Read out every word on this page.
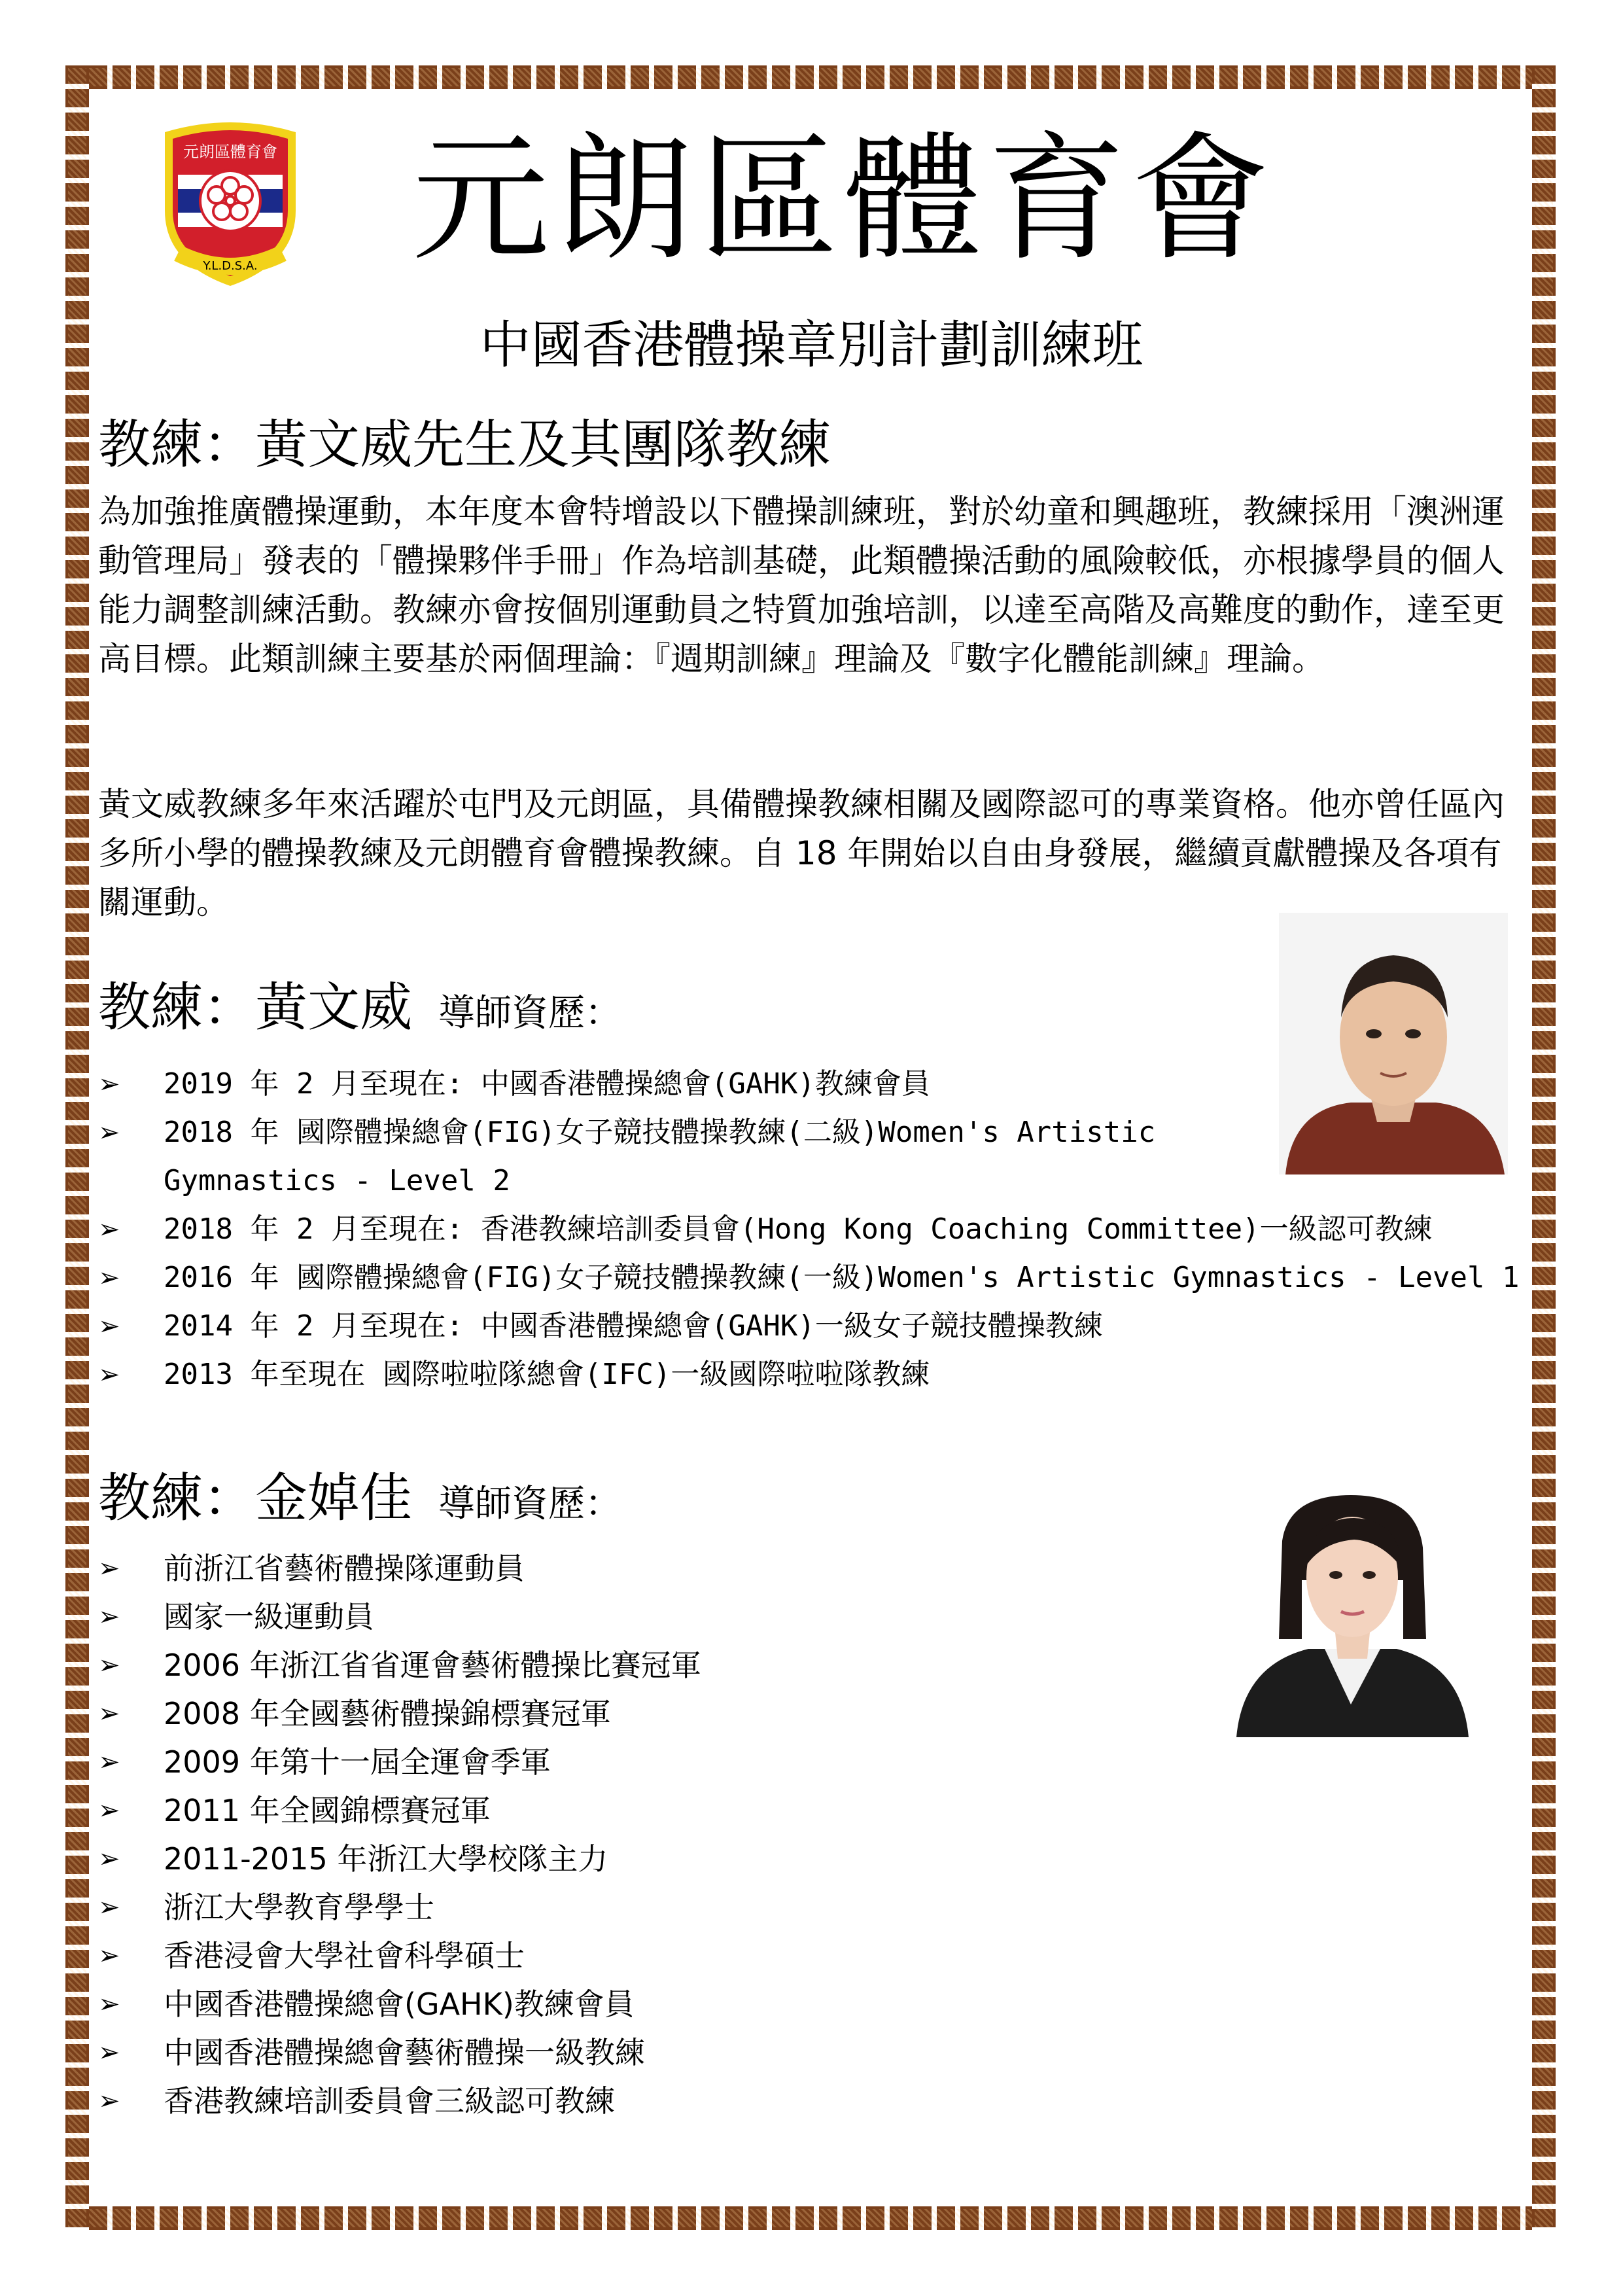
元朗區體育會
Y.L.D.S.A. 元朗區體育會
中國香港體操章別計劃訓練班
教練：黃文威先生及其團隊教練

為加強推廣體操運動，本年度本會特增設以下體操訓練班，對於幼童和興趣班，教練採用「澳洲運動管理局」發表的「體操夥伴手冊」作為培訓基礎，此類體操活動的風險較低，亦根據學員的個人能力調整訓練活動。教練亦會按個別運動員之特質加強培訓，以達至高階及高難度的動作，達至更高目標。此類訓練主要基於兩個理論：『週期訓練』理論及『數字化體能訓練』理論。

黃文威教練多年來活躍於屯門及元朗區，具備體操教練相關及國際認可的專業資格。他亦曾任區內多所小學的體操教練及元朗體育會體操教練。自 18 年開始以自由身發展，繼續貢獻體操及各項有關運動。

教練：黃文威 導師資歷：
➢ 2019 年 2 月至現在: 中國香港體操總會(GAHK)教練會員
➢ 2018 年 國際體操總會(FIG)女子競技體操教練(二級)Women's Artistic Gymnastics - Level 2
➢ 2018 年 2 月至現在: 香港教練培訓委員會(Hong Kong Coaching Committee)一級認可教練
➢ 2016 年 國際體操總會(FIG)女子競技體操教練(一級)Women's Artistic Gymnastics - Level 1
➢ 2014 年 2 月至現在: 中國香港體操總會(GAHK)一級女子競技體操教練
➢ 2013 年至現在 國際啦啦隊總會(IFC)一級國際啦啦隊教練
教練：金婥佳 導師資歷：
➢ 前浙江省藝術體操隊運動員
➢ 國家一級運動員
➢ 2006 年浙江省省運會藝術體操比賽冠軍
➢ 2008 年全國藝術體操錦標賽冠軍
➢ 2009 年第十一屆全運會季軍
➢ 2011 年全國錦標賽冠軍
➢ 2011-2015 年浙江大學校隊主力
➢ 浙江大學教育學學士
➢ 香港浸會大學社會科學碩士
➢ 中國香港體操總會(GAHK)教練會員
➢ 中國香港體操總會藝術體操一級教練
➢ 香港教練培訓委員會三級認可教練
